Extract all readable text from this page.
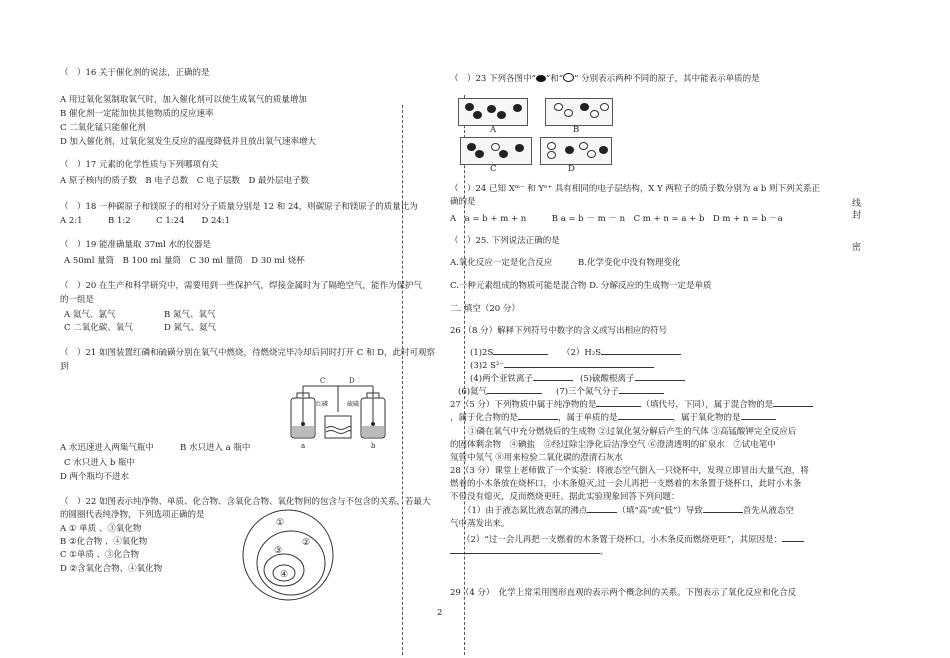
（　）16 关于催化剂的说法，正确的是
A 用过氧化氢制取氧气时，加入催化剂可以使生成氧气的质量增加
B 催化剂一定能加快其他物质的反应速率
C 二氧化锰只能催化剂
D 加入催化剂，过氧化氢发生反应的温度降低并且放出氧气速率增大
（　）17 元素的化学性质与下列哪项有关
A 原子核内的质子数　B 电子总数　C 电子层数　D 最外层电子数
（　）18 一种碳原子和镁原子的相对分子质量分别是 12 和 24，则碳原子和镁原子的质量比为
A 2:1　　　B 1:2　　　C 1:24　　D 24:1
（　）19 能准确量取 37ml 水的仪器是
A 50ml 量筒　B 100 ml 量筒　C 30 ml 量筒　D 30 ml 烧杯
（　）20 在生产和科学研究中，需要用到一些保护气，焊接金属时为了隔绝空气，能作为保护气
的一组是
A 氦气、氯气	B 氮气、氧气
C 二氧化碳、氧气	D 氮气、氦气
（　）21 如图装置红磷和硫磺分别在氧气中燃烧，待燃烧完毕冷却后同时打开 C 和 D，此时可观察
到
C	D
红磷	硫磺
a	b
A 水迅速进入两集气瓶中	B 水只进入 a 瓶中
C 水只进入 b 瓶中
D 两个瓶均不进水
（　）22 如图表示纯净物、单质、化合物、含氧化合物、氧化物间的包含与不包含的关系，若最大
的圆圈代表纯净物，下列选项正确的是
A ① 单质 、③氧化物
B ②化合物 、④氧化物
C ①单质 、③化合物
D ②含氧化合物、④氧化物
①
②
③
④
（　）23 下列各图中“ ”和“ ” 分别表示两种不同的原子，其中能表示单质的是
A	B
C	D
（　）24 已知 Xᵐ⁻ 和 Yⁿ⁺ 具有相同的电子层结构，X Y 两粒子的质子数分别为 a b 则下列关系正
确的是
A　a = b + m + n　　　B a = b － m － n　C m + n = a + b　D m + n = b －a
（　）25. 下列说法正确的是
A.氧化反应一定是化合反应	B.化学变化中没有物理变化
C.一种元素组成的物质可能是混合物 D. 分解反应的生成物一定是单质
二. 填空（20 分）
26 （8 分）解释下列符号中数字的含义或写出相应的符号
(1)2S	（2）H₂S
(3)2 S²⁻
(4)两个亚铁离子	(5)硫酸根离子
(6)氦气	(7)三个氮气分子
27（5 分）下列物质中属于纯净物的是	（填代号，下同），属于混合物的是
，属于化合物的是	，属于单质的是	，属于氧化物的是
①磷在氧气中充分燃烧后的生成物 ②过氧化氢分解后产生的气体 ③高锰酸钾完全反应后
的固体剩余物　④碘盐　⑤经过除尘净化后洁净空气 ⑥澄清透明的矿泉水　⑦试电笔中
氖管中氖气 ⑧用来检验二氧化碳的澄清石灰水
28（3 分）课堂上老师做了一个实验：将液态空气倒入一只烧杯中，发现立即冒出大量气泡，将
燃着的小木条放在烧杯口，小木条熄灭,过一会儿再把一支燃着的木条置于烧杯口，此时小木条
不但没有熄灭，反而燃烧更旺。据此实验现象回答下列问题：
（1）由于液态氮比液态氧的沸点	（填“高”或“低”）导致	首先从液态空
气中蒸发出来。
（2）“过一会儿再把一支燃着的木条置于烧杯口，小木条反而燃烧更旺”，其原因是：
。
2
29（4 分）　化学上常采用图形直观的表示两个概念间的关系。下图表示了氧化反应和化合反
线
封
密
